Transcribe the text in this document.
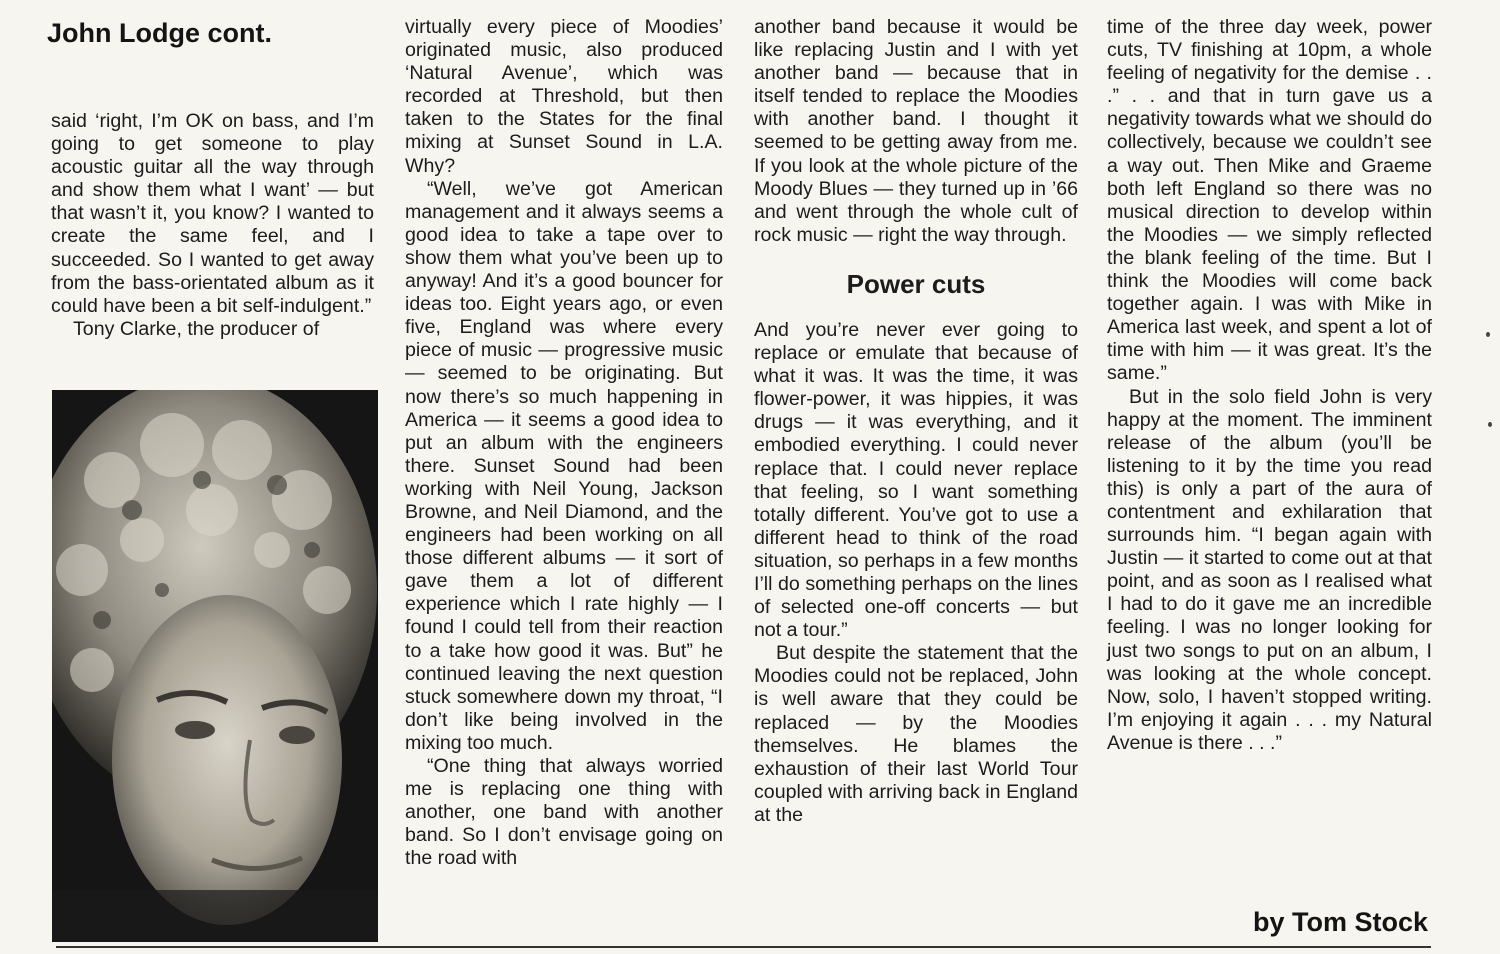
John Lodge cont.

said ‘right, I’m OK on bass, and I’m going to get someone to play acoustic guitar all the way through and show them what I want’ — but that wasn’t it, you know? I wanted to create the same feel, and I succeeded. So I wanted to get away from the bass-orientated album as it could have been a bit self-indulgent.”

Tony Clarke, the producer of

virtually every piece of Moodies’ originated music, also produced ‘Natural Avenue’, which was recorded at Threshold, but then taken to the States for the final mixing at Sunset Sound in L.A. Why?

“Well, we’ve got American management and it always seems a good idea to take a tape over to show them what you’ve been up to anyway! And it’s a good bouncer for ideas too. Eight years ago, or even five, England was where every piece of music — progressive music — seemed to be originating. But now there’s so much happening in America — it seems a good idea to put an album with the engineers there. Sunset Sound had been working with Neil Young, Jackson Browne, and Neil Diamond, and the engineers had been working on all those different albums — it sort of gave them a lot of different experience which I rate highly — I found I could tell from their reaction to a take how good it was. But” he continued leaving the next question stuck somewhere down my throat, “I don’t like being involved in the mixing too much.

“One thing that always worried me is replacing one thing with another, one band with another band. So I don’t envisage going on the road with

another band because it would be like replacing Justin and I with yet another band — because that in itself tended to replace the Moodies with another band. I thought it seemed to be getting away from me. If you look at the whole picture of the Moody Blues — they turned up in ’66 and went through the whole cult of rock music — right the way through.

Power cuts

And you’re never ever going to replace or emulate that because of what it was. It was the time, it was flower-power, it was hippies, it was drugs — it was everything, and it embodied everything. I could never replace that. I could never replace that feeling, so I want something totally different. You’ve got to use a different head to think of the road situation, so perhaps in a few months I’ll do something perhaps on the lines of selected one-off concerts — but not a tour.”

But despite the statement that the Moodies could not be replaced, John is well aware that they could be replaced — by the Moodies themselves. He blames the exhaustion of their last World Tour coupled with arriving back in England at the

time of the three day week, power cuts, TV finishing at 10pm, a whole feeling of negativity for the demise . . .” . . and that in turn gave us a negativity towards what we should do collectively, because we couldn’t see a way out. Then Mike and Graeme both left England so there was no musical direction to develop within the Moodies — we simply reflected the blank feeling of the time. But I think the Moodies will come back together again. I was with Mike in America last week, and spent a lot of time with him — it was great. It’s the same.”

But in the solo field John is very happy at the moment. The imminent release of the album (you’ll be listening to it by the time you read this) is only a part of the aura of contentment and exhilaration that surrounds him. “I began again with Justin — it started to come out at that point, and as soon as I realised what I had to do it gave me an incredible feeling. I was no longer looking for just two songs to put on an album, I was looking at the whole concept. Now, solo, I haven’t stopped writing. I’m enjoying it again . . . my Natural Avenue is there . . .”

by Tom Stock
